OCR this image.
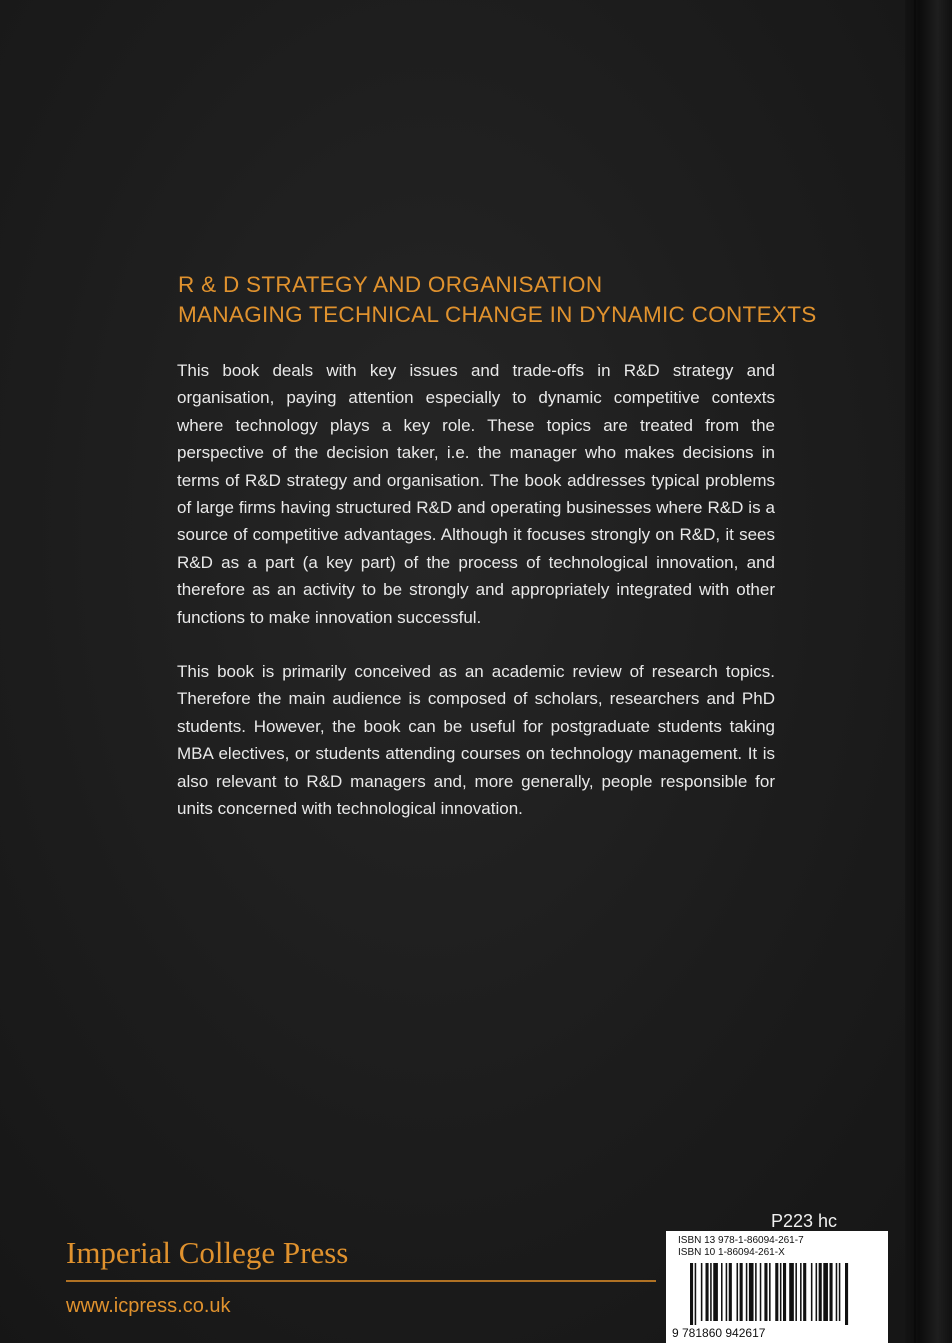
R & D STRATEGY AND ORGANISATION
MANAGING TECHNICAL CHANGE IN DYNAMIC CONTEXTS

This book deals with key issues and trade-offs in R&D strategy and organisation, paying attention especially to dynamic competitive contexts where technology plays a key role. These topics are treated from the perspective of the decision taker, i.e. the manager who makes decisions in terms of R&D strategy and organisation. The book addresses typical problems of large firms having structured R&D and operating businesses where R&D is a source of competitive advantages. Although it focuses strongly on R&D, it sees R&D as a part (a key part) of the process of technological innovation, and therefore as an activity to be strongly and appropriately integrated with other functions to make innovation successful.

This book is primarily conceived as an academic review of research topics. Therefore the main audience is composed of scholars, researchers and PhD students. However, the book can be useful for postgraduate students taking MBA electives, or students attending courses on technology management. It is also relevant to R&D managers and, more generally, people responsible for units concerned with technological innovation.

Imperial College Press
www.icpress.co.uk
P223 hc
ISBN 13 978-1-86094-261-7
ISBN 10 1-86094-261-X
9 781860 942617
